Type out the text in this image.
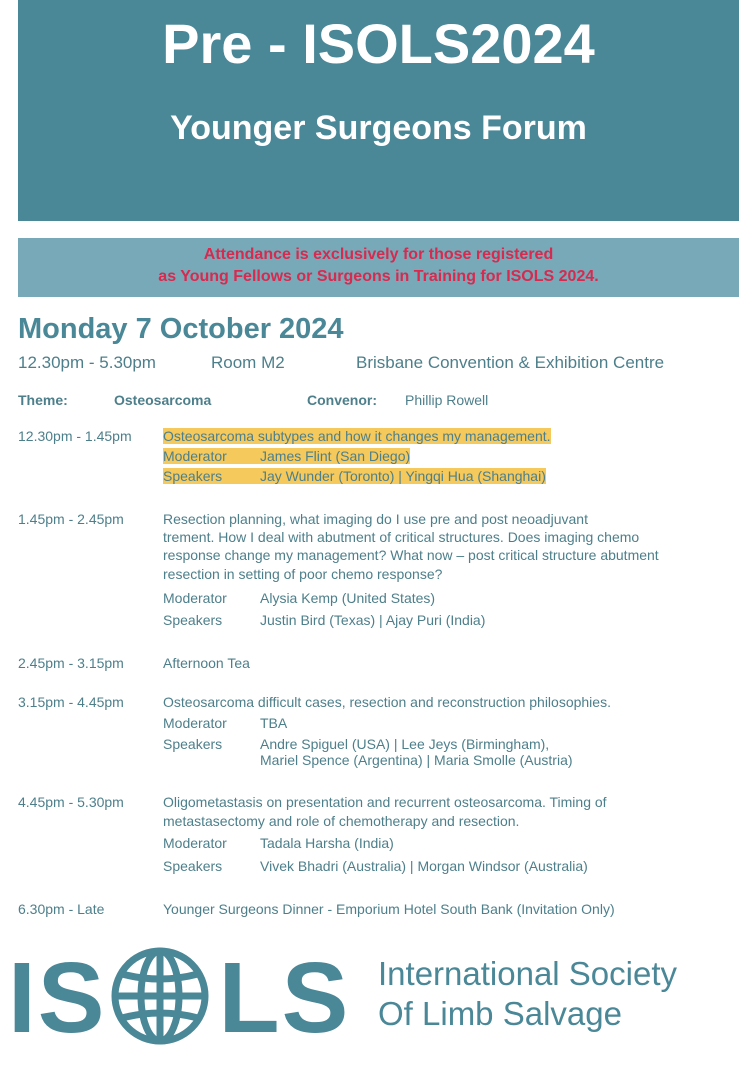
Pre - ISOLS2024
Younger Surgeons Forum
Attendance is exclusively for those registered
as Young Fellows or Surgeons in Training for ISOLS 2024.
Monday 7 October 2024
12.30pm - 5.30pm	Room M2	Brisbane Convention & Exhibition Centre
Theme:	Osteosarcoma	Convenor: Phillip Rowell
12.30pm - 1.45pm Osteosarcoma subtypes and how it changes my management.
Moderator James Flint (San Diego)
Speakers	Jay Wunder (Toronto) | Yingqi Hua (Shanghai)
1.45pm - 2.45pm	Resection planning, what imaging do I use pre and post neoadjuvant
trement. How I deal with abutment of critical structures. Does imaging chemo
response change my management? What now – post critical structure abutment
resection in setting of poor chemo response?
Moderator Alysia Kemp (United States)
Speakers	Justin Bird (Texas) | Ajay Puri (India)
2.45pm - 3.15pm	Afternoon Tea
3.15pm - 4.45pm	Osteosarcoma difficult cases, resection and reconstruction philosophies.
Moderator TBA
Speakers	Andre Spiguel (USA) | Lee Jeys (Birmingham),
Mariel Spence (Argentina) | Maria Smolle (Austria)
4.45pm - 5.30pm	Oligometastasis on presentation and recurrent osteosarcoma. Timing of
metastasectomy and role of chemotherapy and resection.
Moderator Tadala Harsha (India)
Speakers	Vivek Bhadri (Australia) | Morgan Windsor (Australia)
6.30pm - Late	Younger Surgeons Dinner - Emporium Hotel South Bank (Invitation Only)
IS LS International Society
Of Limb Salvage
